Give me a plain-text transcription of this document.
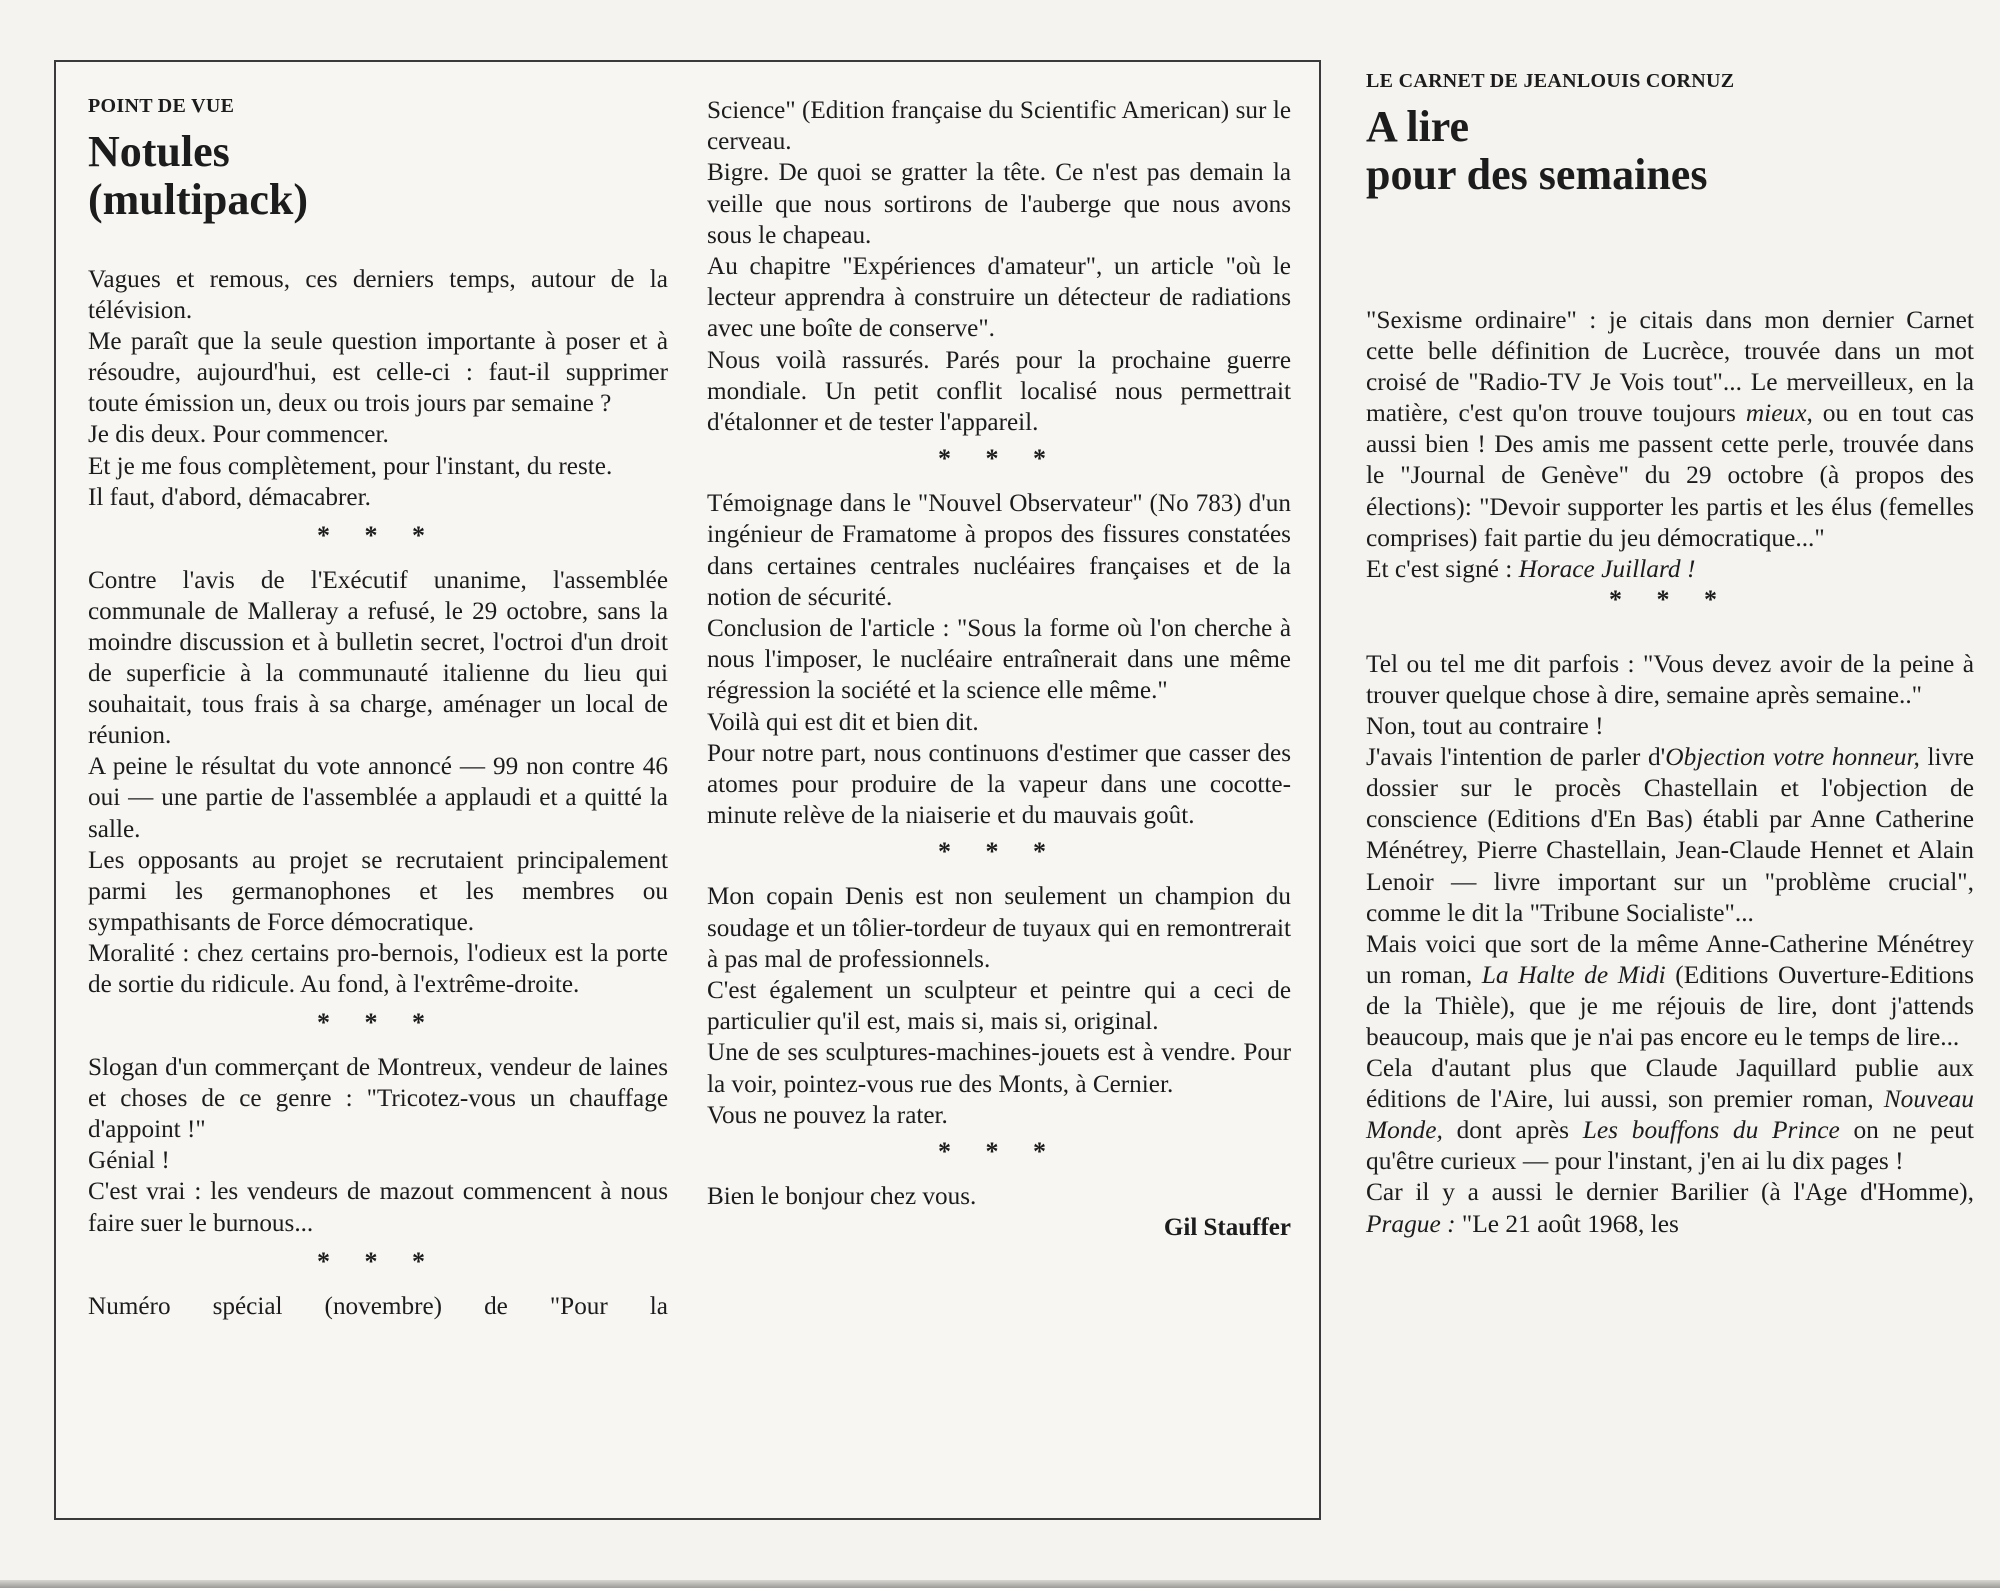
POINT DE VUE
Notules
(multipack)

Vagues et remous, ces derniers temps, autour de la télévision.

Me paraît que la seule question importante à poser et à résoudre, aujourd'hui, est celle-ci : faut-il supprimer toute émission un, deux ou trois jours par semaine ?

Je dis deux. Pour commencer.

Et je me fous complètement, pour l'instant, du reste.

Il faut, d'abord, démacabrer.

* * *

Contre l'avis de l'Exécutif unanime, l'assemblée communale de Malleray a refusé, le 29 octobre, sans la moindre discussion et à bulletin secret, l'octroi d'un droit de superficie à la communauté italienne du lieu qui souhaitait, tous frais à sa charge, aménager un local de réunion.

A peine le résultat du vote annoncé — 99 non contre 46 oui — une partie de l'assemblée a applaudi et a quitté la salle.

Les opposants au projet se recrutaient principalement parmi les germanophones et les membres ou sympathisants de Force démocratique.

Moralité : chez certains pro-bernois, l'odieux est la porte de sortie du ridicule. Au fond, à l'extrême-droite.

* * *

Slogan d'un commerçant de Montreux, vendeur de laines et choses de ce genre : "Tricotez-vous un chauffage d'appoint !"

Génial !

C'est vrai : les vendeurs de mazout commencent à nous faire suer le burnous...

* * *

Numéro spécial (novembre) de "Pour la

Science" (Edition française du Scientific American) sur le cerveau.

Bigre. De quoi se gratter la tête. Ce n'est pas demain la veille que nous sortirons de l'auberge que nous avons sous le chapeau.

Au chapitre "Expériences d'amateur", un article "où le lecteur apprendra à construire un détecteur de radiations avec une boîte de conserve".

Nous voilà rassurés. Parés pour la prochaine guerre mondiale. Un petit conflit localisé nous permettrait d'étalonner et de tester l'appareil.

* * *

Témoignage dans le "Nouvel Observateur" (No 783) d'un ingénieur de Framatome à propos des fissures constatées dans certaines centrales nucléaires françaises et de la notion de sécurité.

Conclusion de l'article : "Sous la forme où l'on cherche à nous l'imposer, le nucléaire entraînerait dans une même régression la société et la science elle même."

Voilà qui est dit et bien dit.

Pour notre part, nous continuons d'estimer que casser des atomes pour produire de la vapeur dans une cocotte-minute relève de la niaiserie et du mauvais goût.

* * *

Mon copain Denis est non seulement un champion du soudage et un tôlier-tordeur de tuyaux qui en remontrerait à pas mal de professionnels.

C'est également un sculpteur et peintre qui a ceci de particulier qu'il est, mais si, mais si, original.

Une de ses sculptures-machines-jouets est à vendre. Pour la voir, pointez-vous rue des Monts, à Cernier.

Vous ne pouvez la rater.

* * *

Bien le bonjour chez vous.

Gil Stauffer

LE CARNET DE JEANLOUIS CORNUZ
A lire
pour des semaines

"Sexisme ordinaire" : je citais dans mon dernier Carnet cette belle définition de Lucrèce, trouvée dans un mot croisé de "Radio-TV Je Vois tout"... Le merveilleux, en la matière, c'est qu'on trouve toujours mieux, ou en tout cas aussi bien ! Des amis me passent cette perle, trouvée dans le "Journal de Genève" du 29 octobre (à propos des élections): "Devoir supporter les partis et les élus (femelles comprises) fait partie du jeu démocratique..."

Et c'est signé : Horace Juillard !

* * *

Tel ou tel me dit parfois : "Vous devez avoir de la peine à trouver quelque chose à dire, semaine après semaine.."

Non, tout au contraire !

J'avais l'intention de parler d'Objection votre honneur, livre dossier sur le procès Chastellain et l'objection de conscience (Editions d'En Bas) établi par Anne Catherine Ménétrey, Pierre Chastellain, Jean-Claude Hennet et Alain Lenoir — livre important sur un "problème crucial", comme le dit la "Tribune Socialiste"...

Mais voici que sort de la même Anne-Catherine Ménétrey un roman, La Halte de Midi (Editions Ouverture-Editions de la Thièle), que je me réjouis de lire, dont j'attends beaucoup, mais que je n'ai pas encore eu le temps de lire...

Cela d'autant plus que Claude Jaquillard publie aux éditions de l'Aire, lui aussi, son premier roman, Nouveau Monde, dont après Les bouffons du Prince on ne peut qu'être curieux — pour l'instant, j'en ai lu dix pages !

Car il y a aussi le dernier Barilier (à l'Age d'Homme), Prague : "Le 21 août 1968, les
